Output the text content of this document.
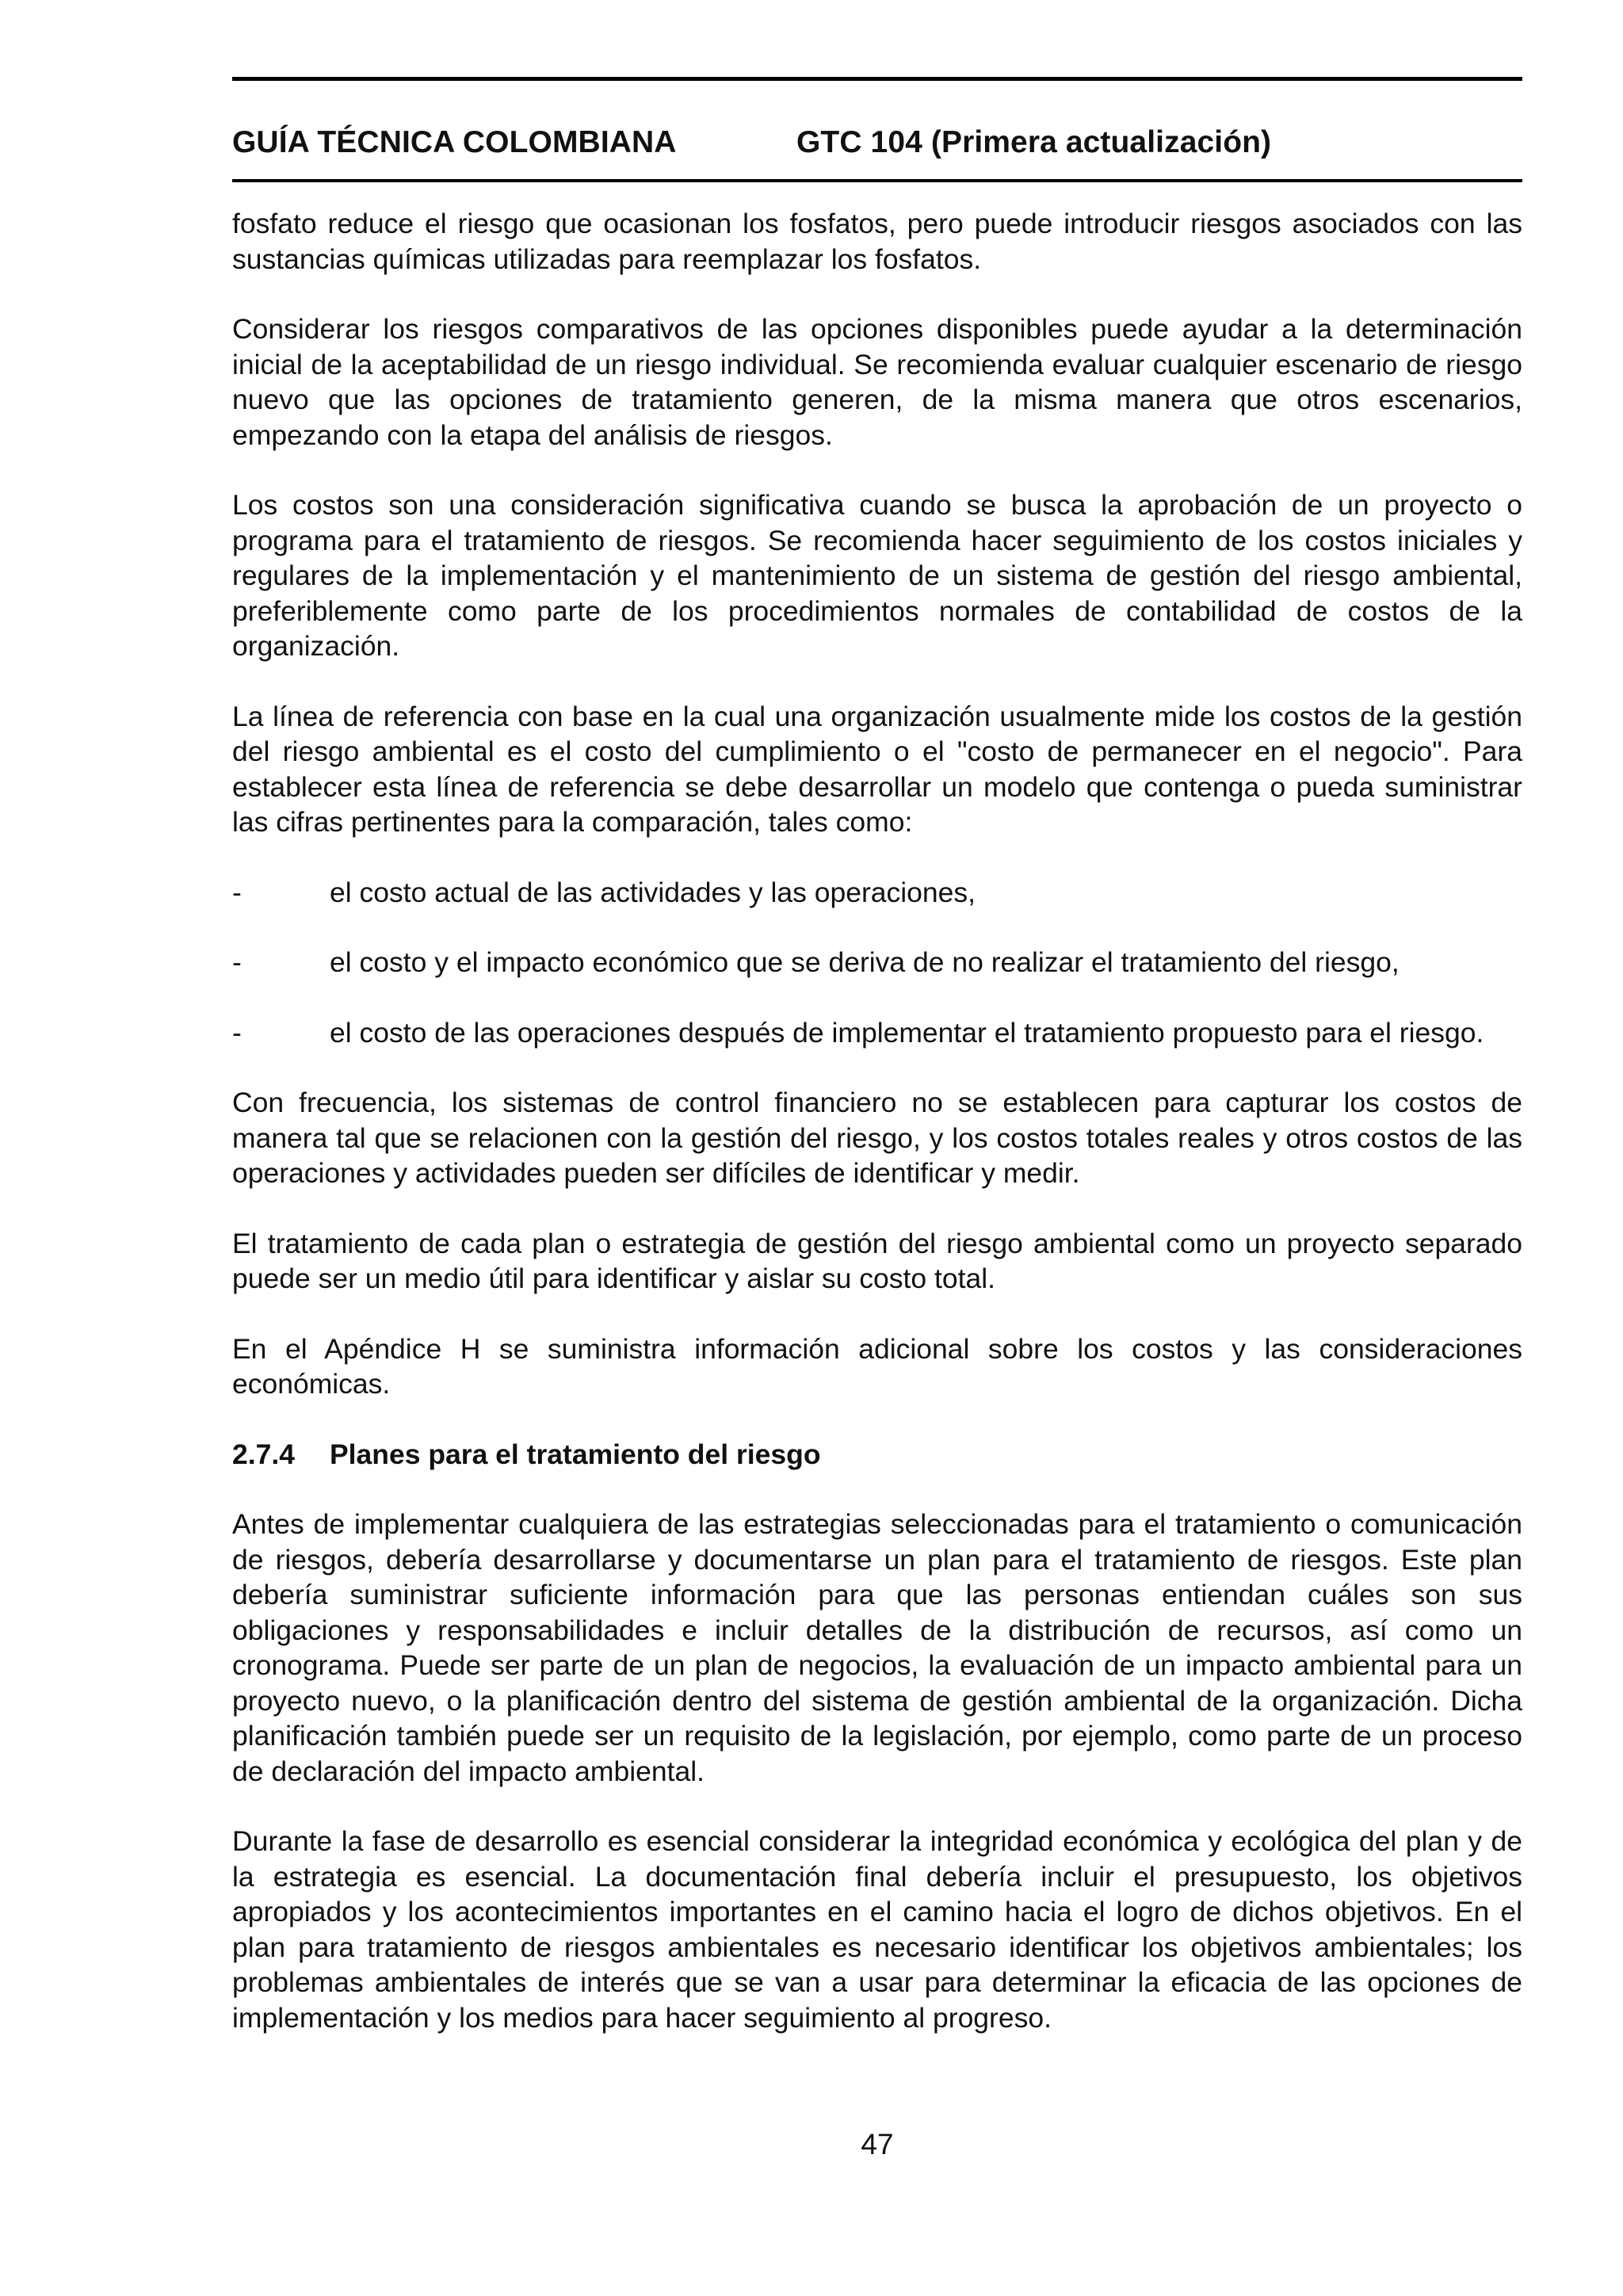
GUÍA TÉCNICA COLOMBIANA	GTC 104 (Primera actualización)

fosfato reduce el riesgo que ocasionan los fosfatos, pero puede introducir riesgos asociados con las sustancias químicas utilizadas para reemplazar los fosfatos.

Considerar los riesgos comparativos de las opciones disponibles puede ayudar a la determinación inicial de la aceptabilidad de un riesgo individual. Se recomienda evaluar cualquier escenario de riesgo nuevo que las opciones de tratamiento generen, de la misma manera que otros escenarios, empezando con la etapa del análisis de riesgos.

Los costos son una consideración significativa cuando se busca la aprobación de un proyecto o programa para el tratamiento de riesgos. Se recomienda hacer seguimiento de los costos iniciales y regulares de la implementación y el mantenimiento de un sistema de gestión del riesgo ambiental, preferiblemente como parte de los procedimientos normales de contabilidad de costos de la organización.

La línea de referencia con base en la cual una organización usualmente mide los costos de la gestión del riesgo ambiental es el costo del cumplimiento o el "costo de permanecer en el negocio". Para establecer esta línea de referencia se debe desarrollar un modelo que contenga o pueda suministrar las cifras pertinentes para la comparación, tales como:

-	el costo actual de las actividades y las operaciones,
-	el costo y el impacto económico que se deriva de no realizar el tratamiento del riesgo,
-	el costo de las operaciones después de implementar el tratamiento propuesto para el riesgo.

Con frecuencia, los sistemas de control financiero no se establecen para capturar los costos de manera tal que se relacionen con la gestión del riesgo, y los costos totales reales y otros costos de las operaciones y actividades pueden ser difíciles de identificar y medir.

El tratamiento de cada plan o estrategia de gestión del riesgo ambiental como un proyecto separado puede ser un medio útil para identificar y aislar su costo total.

En el Apéndice H se suministra información adicional sobre los costos y las consideraciones económicas.

2.7.4	Planes para el tratamiento del riesgo

Antes de implementar cualquiera de las estrategias seleccionadas para el tratamiento o comunicación de riesgos, debería desarrollarse y documentarse un plan para el tratamiento de riesgos. Este plan debería suministrar suficiente información para que las personas entiendan cuáles son sus obligaciones y responsabilidades e incluir detalles de la distribución de recursos, así como un cronograma. Puede ser parte de un plan de negocios, la evaluación de un impacto ambiental para un proyecto nuevo, o la planificación dentro del sistema de gestión ambiental de la organización. Dicha planificación también puede ser un requisito de la legislación, por ejemplo, como parte de un proceso de declaración del impacto ambiental.

Durante la fase de desarrollo es esencial considerar la integridad económica y ecológica del plan y de la estrategia es esencial. La documentación final debería incluir el presupuesto, los objetivos apropiados y los acontecimientos importantes en el camino hacia el logro de dichos objetivos. En el plan para tratamiento de riesgos ambientales es necesario identificar los objetivos ambientales; los problemas ambientales de interés que se van a usar para determinar la eficacia de las opciones de implementación y los medios para hacer seguimiento al progreso.

47
